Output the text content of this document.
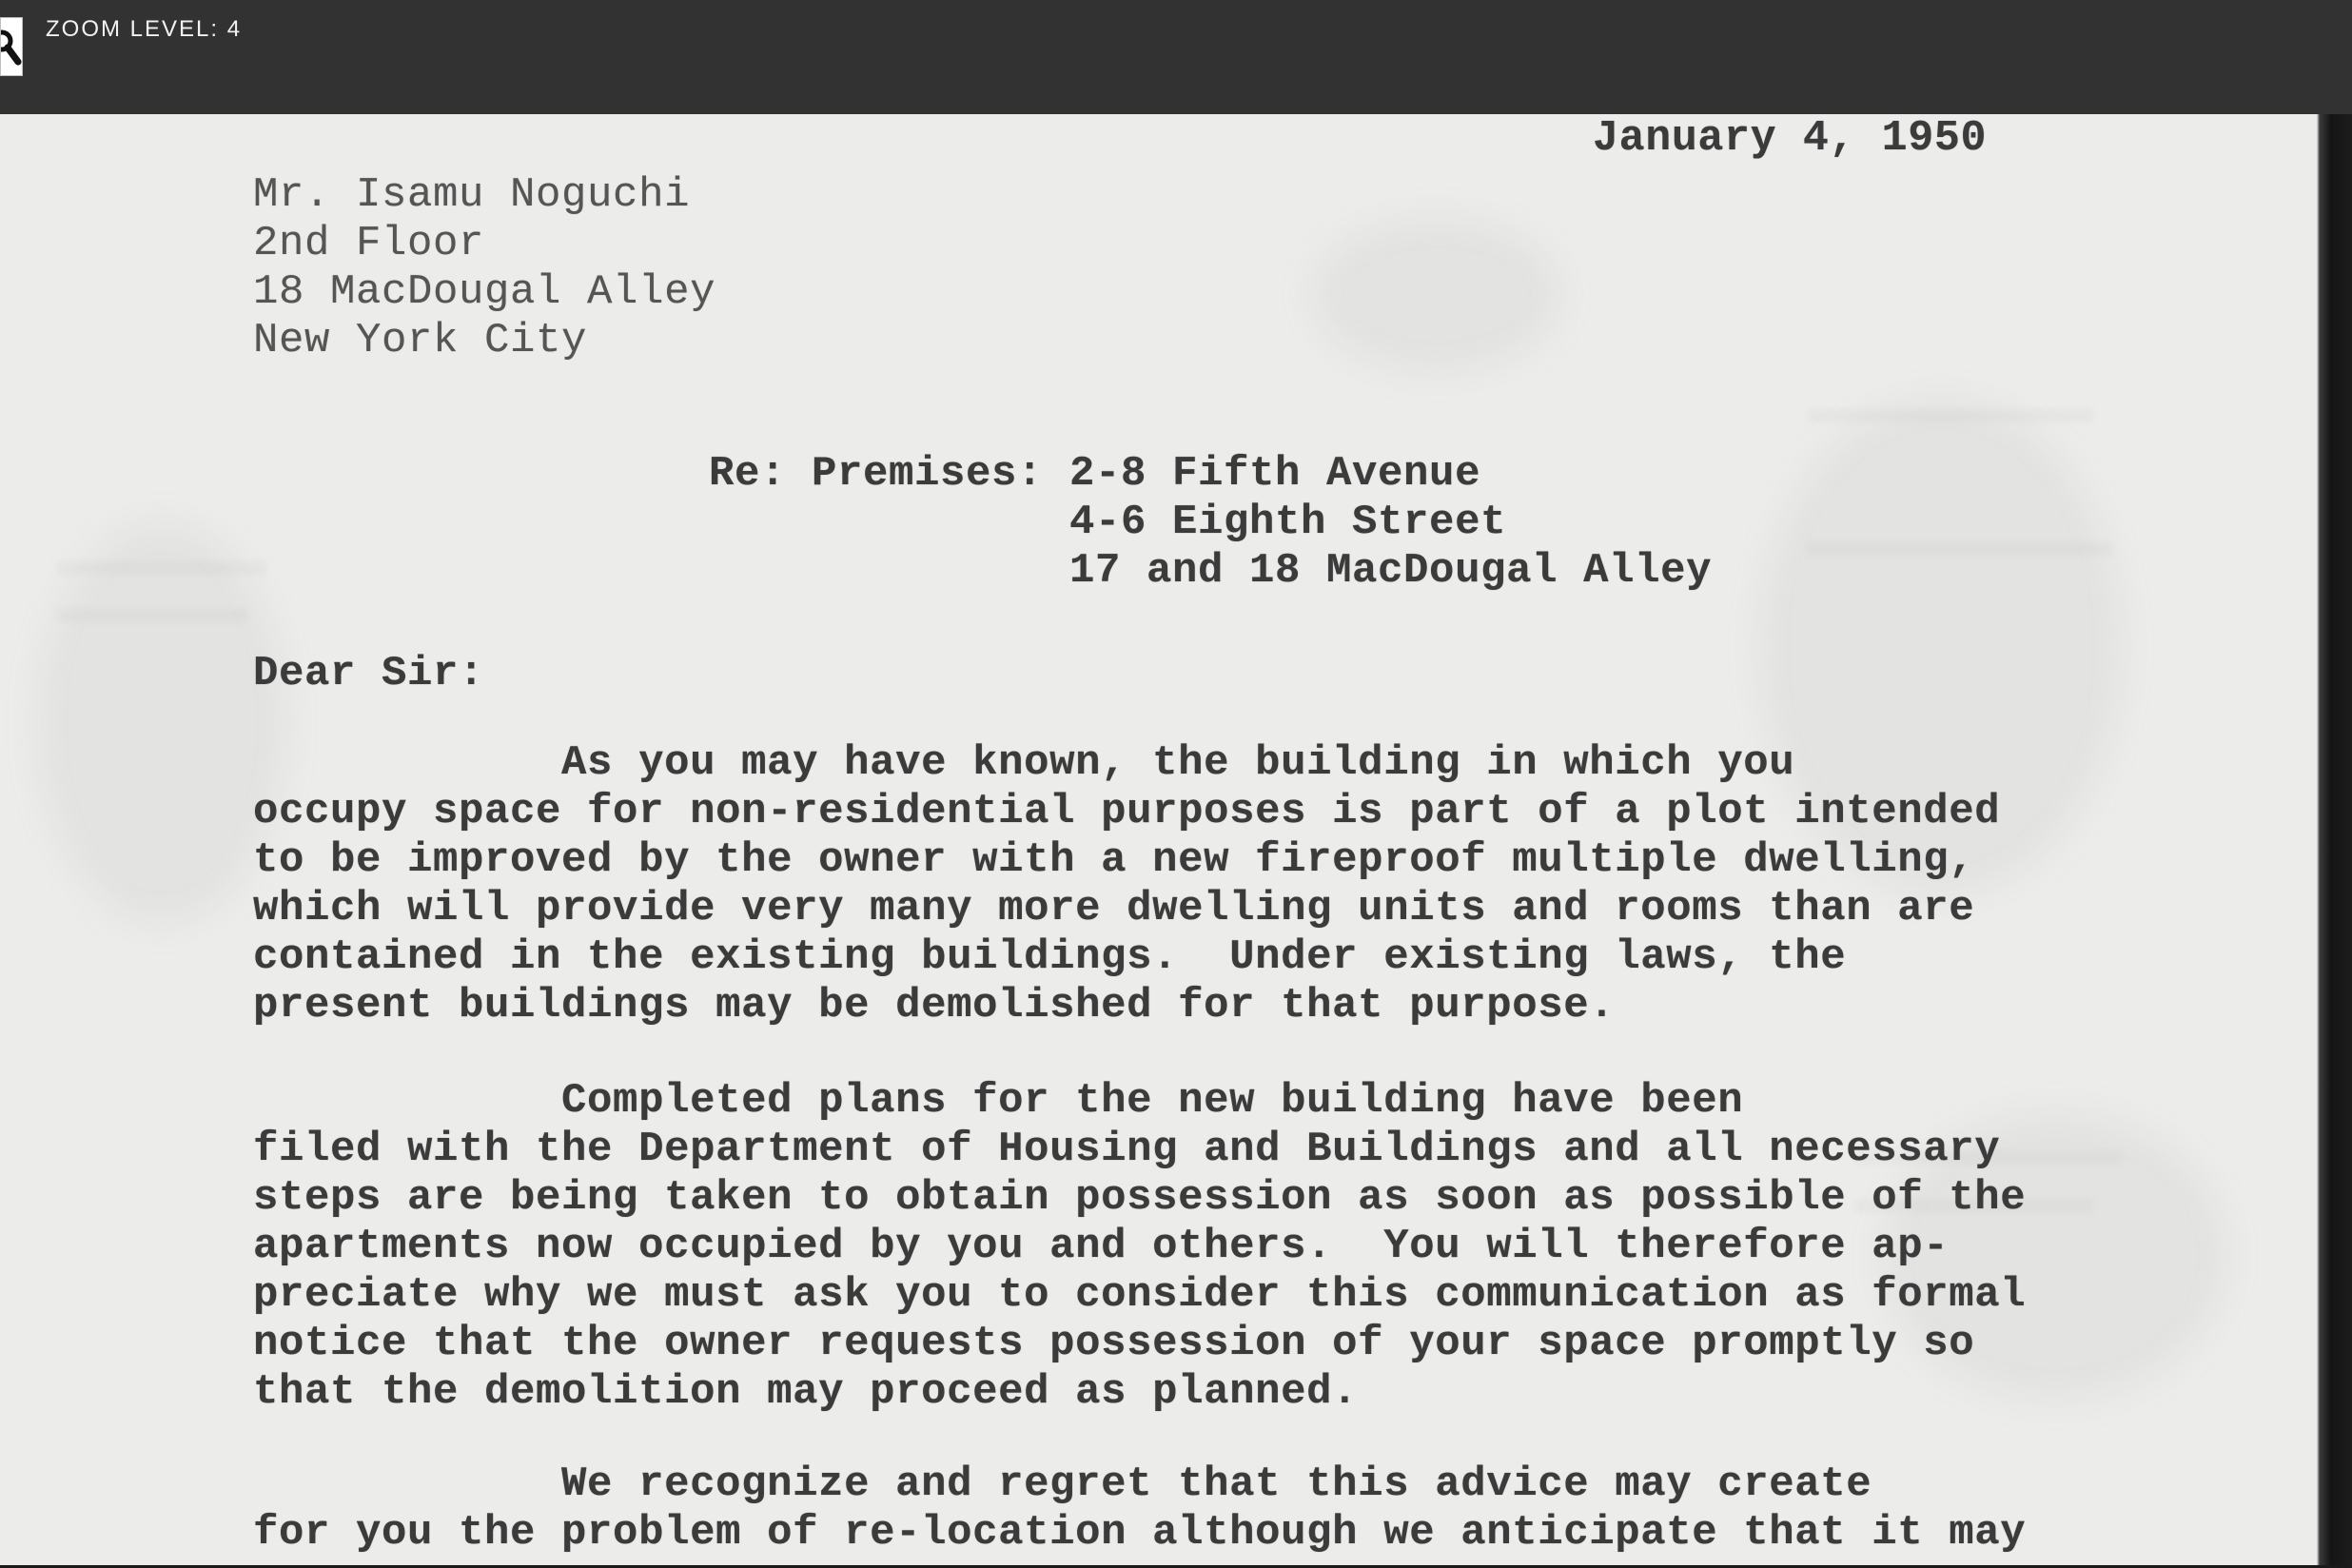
ZOOM LEVEL: 4

January 4, 1950

Mr. Isamu Noguchi
2nd Floor
18 MacDougal Alley
New York City

Re: Premises: 2-8 Fifth Avenue
4-6 Eighth Street
17 and 18 MacDougal Alley

Dear Sir:

As you may have known, the building in which you
occupy space for non-residential purposes is part of a plot intended
to be improved by the owner with a new fireproof multiple dwelling,
which will provide very many more dwelling units and rooms than are
contained in the existing buildings.  Under existing laws, the
present buildings may be demolished for that purpose.

Completed plans for the new building have been
filed with the Department of Housing and Buildings and all necessary
steps are being taken to obtain possession as soon as possible of the
apartments now occupied by you and others.  You will therefore ap-
preciate why we must ask you to consider this communication as formal
notice that the owner requests possession of your space promptly so
that the demolition may proceed as planned.

We recognize and regret that this advice may create
for you the problem of re-location although we anticipate that it may
